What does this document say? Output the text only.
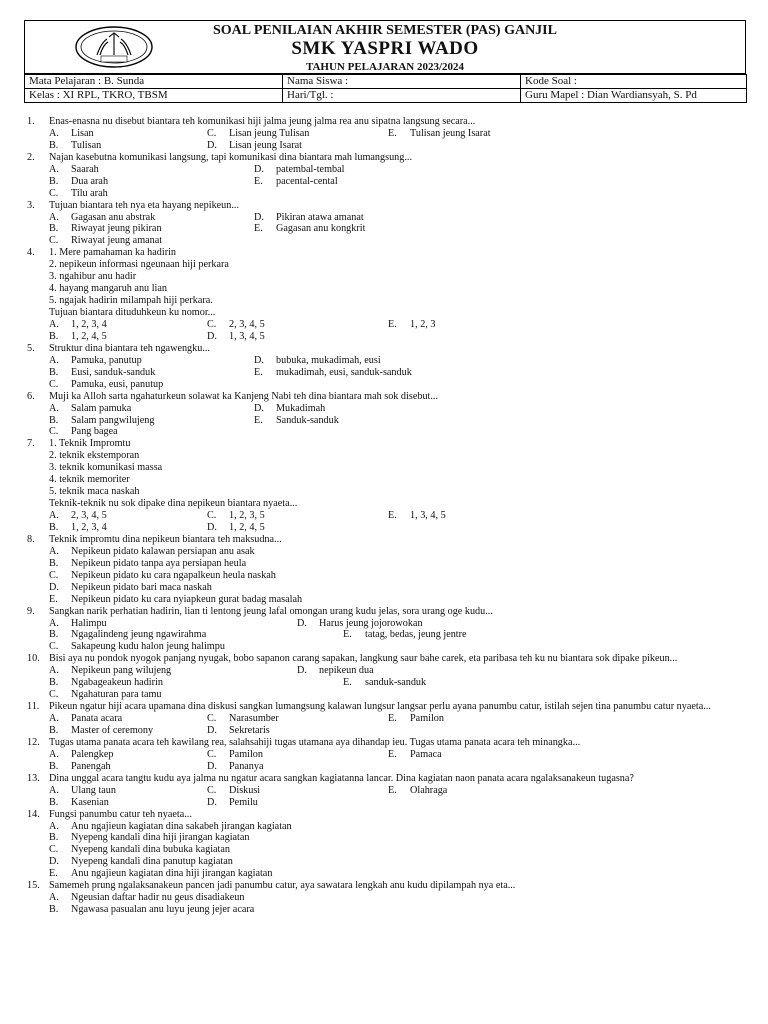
SOAL PENILAIAN AKHIR SEMESTER (PAS) GANJIL
SMK YASPRI WADO
TAHUN PELAJARAN 2023/2024
Mata Pelajaran : B. Sunda	Nama Siswa :	Kode Soal :
Kelas : XI RPL, TKRO, TBSM	Hari/Tgl. :	Guru Mapel : Dian Wardiansyah, S. Pd
1.	Enas-enasna nu disebut biantara teh komunikasi hiji jalma jeung jalma rea anu sipatna langsung secara...
A. Lisan	C. Lisan jeung Tulisan	E. Tulisan jeung Isarat
B. Tulisan	D. Lisan jeung Isarat
2.	Najan kasebutna komunikasi langsung, tapi komunikasi dina biantara mah lumangsung...
A. Saarah	D. patembal-tembal
B. Dua arah	E. pacental-cental
C. Tilu arah
3.	Tujuan biantara teh nya eta hayang nepikeun...
A. Gagasan anu abstrak	D. Pikiran atawa amanat
B. Riwayat jeung pikiran	E. Gagasan anu kongkrit
C. Riwayat jeung amanat
4.	1. Mere pamahaman ka hadirin
2. nepikeun informasi ngeunaan hiji perkara
3. ngahibur anu hadir
4. hayang mangaruh anu lian
5. ngajak hadirin milampah hiji perkara.
Tujuan biantara dituduhkeun ku nomor...
A. 1, 2, 3, 4	C. 2, 3, 4, 5	E. 1, 2, 3
B. 1, 2, 4, 5	D. 1, 3, 4, 5
5.	Struktur dina biantara teh ngawengku...
A. Pamuka, panutup	D. bubuka, mukadimah, eusi
B. Eusi, sanduk-sanduk	E. mukadimah, eusi, sanduk-sanduk
C. Pamuka, eusi, panutup
6.	Muji ka Alloh sarta ngahaturkeun solawat ka Kanjeng Nabi teh dina biantara mah sok disebut...
A. Salam pamuka	D. Mukadimah
B. Salam pangwilujeng	E. Sanduk-sanduk
C. Pang bagea
7.	1. Teknik Impromtu
2. teknik ekstemporan
3. teknik komunikasi massa
4. teknik memoriter
5. teknik maca naskah
Teknik-teknik nu sok dipake dina nepikeun biantara nyaeta...
A. 2, 3, 4, 5	C. 1, 2, 3, 5	E. 1, 3, 4, 5
B. 1, 2, 3, 4	D. 1, 2, 4, 5
8.	Teknik impromtu dina nepikeun biantara teh maksudna...
A. Nepikeun pidato kalawan persiapan anu asak
B. Nepikeun pidato tanpa aya persiapan heula
C. Nepikeun pidato ku cara ngapalkeun heula naskah
D. Nepikeun pidato bari maca naskah
E. Nepikeun pidato ku cara nyiapkeun gurat badag masalah
9.	Sangkan narik perhatian hadirin, lian ti lentong jeung lafal omongan urang kudu jelas, sora urang oge kudu...
A. Halimpu	D. Harus jeung jojorowokan
B. Ngagalindeng jeung ngawirahma	E. tatag, bedas, jeung jentre
C. Sakapeung kudu halon jeung halimpu
10. Bisi aya nu pondok nyogok panjang nyugak, bobo sapanon carang sapakan, langkung saur bahe carek, eta paribasa teh ku nu biantara sok dipake pikeun...
A. Nepikeun pang wilujeng	D. nepikeun dua
B. Ngabageakeun hadirin	E. sanduk-sanduk
C. Ngahaturan para tamu
11. Pikeun ngatur hiji acara upamana dina diskusi sangkan lumangsung kalawan lungsur langsar perlu ayana panumbu catur, istilah sejen tina panumbu catur nyaeta...
A. Panata acara	C. Narasumber	E. Pamilon
B. Master of ceremony	D. Sekretaris
12. Tugas utama panata acara teh kawilang rea, salahsahiji tugas utamana aya dihandap ieu. Tugas utama panata acara teh minangka...
A. Palengkep	C. Pamilon	E. Pamaca
B. Panengah	D. Pananya
13. Dina unggal acara tangtu kudu aya jalma nu ngatur acara sangkan kagiatanna lancar. Dina kagiatan naon panata acara ngalaksanakeun tugasna?
A. Ulang taun	C. Diskusi	E. Olahraga
B. Kasenian	D. Pemilu
14. Fungsi panumbu catur teh nyaeta...
A. Anu ngajieun kagiatan dina sakabeh jirangan kagiatan
B. Nyepeng kandali dina hiji jirangan kagiatan
C. Nyepeng kandali dina bubuka kagiatan
D. Nyepeng kandali dina panutup kagiatan
E. Anu ngajieun kagiatan dina hiji jirangan kagiatan
15. Samemeh prung ngalaksanakeun pancen jadi panumbu catur, aya sawatara lengkah anu kudu dipilampah nya eta...
A. Ngeusian daftar hadir nu geus disadiakeun
B. Ngawasa pasualan anu luyu jeung jejer acara
